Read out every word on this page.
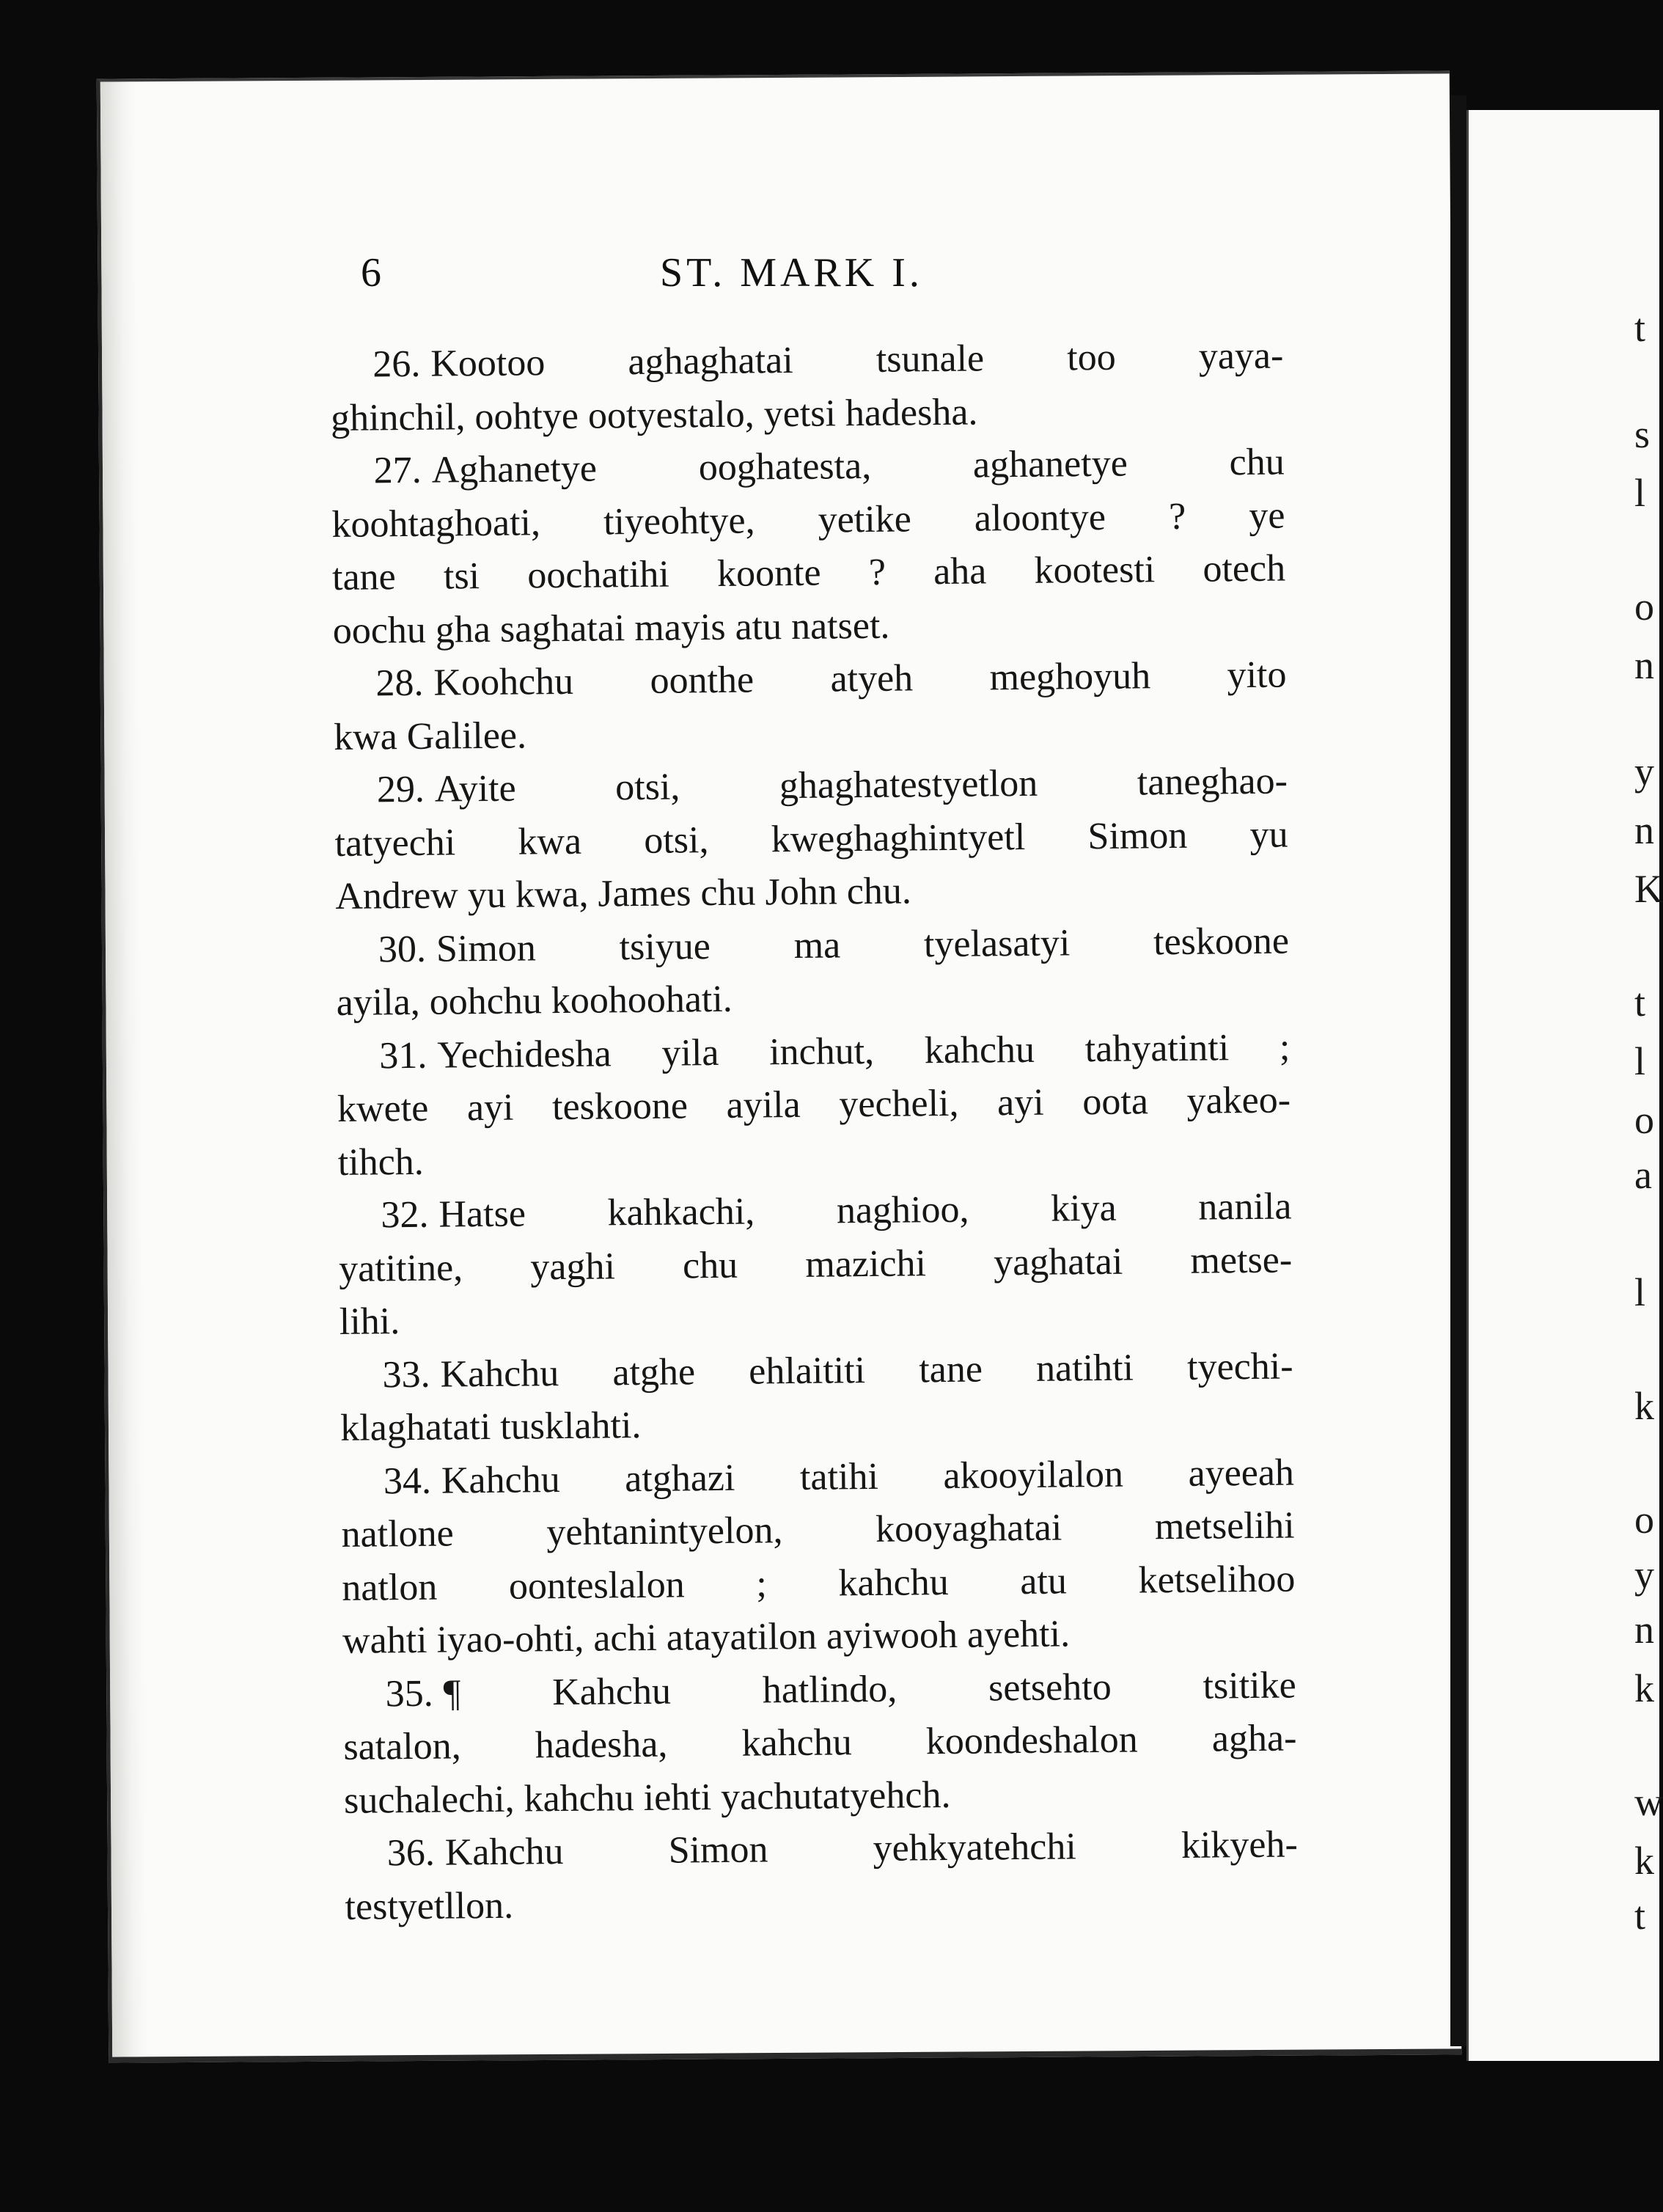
t
s
l
o
n
y
n
K
t
l
o
a
l
k
o
y
n
k
w
k
t
6	ST. MARK I.
26. Kootoo aghaghatai tsunale too yaya-
ghinchil, oohtye ootyestalo, yetsi hadesha.
27. Aghanetye ooghatesta, aghanetye chu
koohtaghoati, tiyeohtye, yetike aloontye ? ye
tane tsi oochatihi koonte ? aha kootesti otech
oochu gha saghatai mayis atu natset.
28. Koohchu oonthe atyeh meghoyuh yito
kwa Galilee.
29. Ayite otsi, ghaghatestyetlon taneghao-
tatyechi kwa otsi, kweghaghintyetl Simon yu
Andrew yu kwa, James chu John chu.
30. Simon tsiyue ma tyelasatyi teskoone
ayila, oohchu koohoohati.
31. Yechidesha yila inchut, kahchu tahyatinti ;
kwete ayi teskoone ayila yecheli, ayi oota yakeo-
tihch.
32. Hatse kahkachi, naghioo, kiya nanila
yatitine, yaghi chu mazichi yaghatai metse-
lihi.
33. Kahchu atghe ehlaititi tane natihti tyechi-
klaghatati tusklahti.
34. Kahchu atghazi tatihi akooyilalon ayeeah
natlone yehtanintyelon, kooyaghatai metselihi
natlon oonteslalon ; kahchu atu ketselihoo
wahti iyao-ohti, achi atayatilon ayiwooh ayehti.
35. ¶ Kahchu hatlindo, setsehto tsitike
satalon, hadesha, kahchu koondeshalon agha-
suchalechi, kahchu iehti yachutatyehch.
36. Kahchu Simon yehkyatehchi kikyeh-
testyetllon.
